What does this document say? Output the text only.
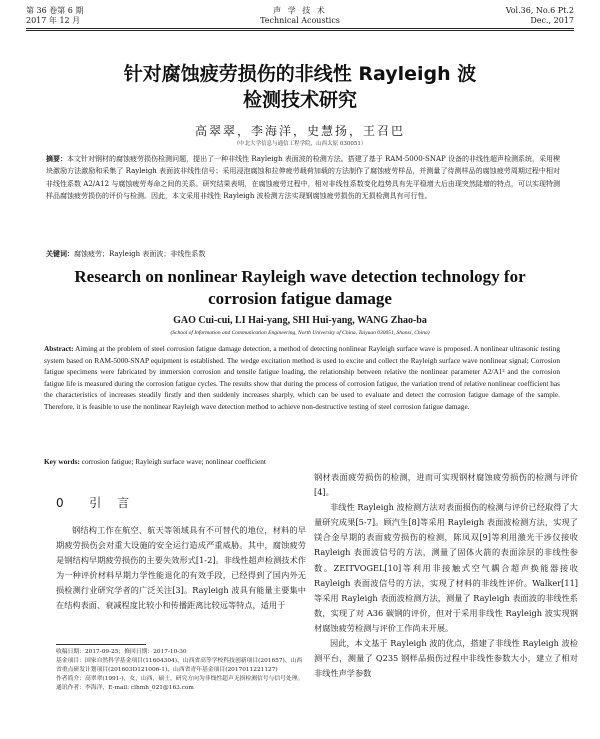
第 36 卷第 6 期	声 学 技 术	Vol.36, No.6 Pt.2
2017 年 12 月	Technical Acoustics	Dec., 2017
针对腐蚀疲劳损伤的非线性 Rayleigh 波
检测技术研究
高翠翠，李海洋，史慧扬，王召巴
（中北大学信息与通信工程学院，山西太原 030051）
摘要：本文针对钢材的腐蚀疲劳损伤检测问题，提出了一种非线性 Rayleigh 表面波的检测方法。搭建了基于 RAM-5000-SNAP 设备的非线性超声检测系统，采用楔块激励方法激励和采集了 Rayleigh 表面波非线性信号；采用浸泡腐蚀和拉伸疲劳载荷加载的方法制作了腐蚀疲劳样品，并测量了待测样品的腐蚀疲劳周期过程中相对非线性系数 A2/A12 与腐蚀疲劳寿命之间的关系。研究结果表明，在腐蚀疲劳过程中，相对非线性系数变化趋势具有先平稳增大后由现突然陡增的特点，可以实现特测样品腐蚀疲劳损伤的评价与检测。因此，本文采用非线性 Rayleigh 波检测方法实现钢腐蚀疲劳损伤的无损检测具有可行性。
关键词：腐蚀疲劳；Rayleigh 表面波；非线性系数
Research on nonlinear Rayleigh wave detection technology for
corrosion fatigue damage
GAO Cui-cui, LI Hai-yang, SHI Hui-yang, WANG Zhao-ba
(School of Information and Communication Engineering, North University of China, Taiyuan 030051, Shanxi, China)
Abstract: Aiming at the problem of steel corrosion fatigue damage detection, a method of detecting nonlinear Rayleigh surface wave is proposed. A nonlinear ultrasonic testing system based on RAM-5000-SNAP equipment is established. The wedge excitation method is used to excite and collect the Rayleigh surface wave nonlinear signal; Corrosion fatigue specimens were fabricated by immersion corrosion and tensile fatigue loading, the relationship between relative the nonlinear parameter A2/A1² and the corrosion fatigue life is measured during the corrosion fatigue cycles. The results show that during the process of corrosion fatigue, the variation trend of relative nonlinear coefficient has the characteristics of increases steadily firstly and then suddenly increases sharply, which can be used to evaluate and detect the corrosion fatigue damage of the sample. Therefore, it is feasible to use the nonlinear Rayleigh wave detection method to achieve non-destructive testing of steel corrosion fatigue damage.
Key words: corrosion fatigue; Rayleigh surface wave; nonlinear coefficient
0 引 言

钢结构工作在航空、航天等领域具有不可替代的地位，材料的早期疲劳损伤会对重大设施的安全运行造成严重威胁。其中，腐蚀疲劳是钢结构早期疲劳损伤的主要失效形式[1-2]。非线性超声检测技术作为一种评价材料早期力学性能退化的有效手段，已经得到了国内外无损检测行业研究学者的广泛关注[3]。Rayleigh 波具有能量主要集中在结构表面、衰减程度比较小和传播距离比较远等特点，适用于

收稿日期：2017-09-25；修回日期：2017-10-30
基金项目：国家自然科学基金项目(11604304)、山西省高等学校科技创新项目(201657)、山西省重点研发计划项目(201603D121006-1)、山西省青年基金项目(2017011221127)
作者简介：高翠翠(1991-)，女，山西，硕士，研究方向为非线性超声无损检测信号与信号处理。
通讯作者：李海洋，E-mail: clhmh_021@163.com

钢材表面疲劳损伤的检测，进而可实现钢材腐蚀疲劳损伤的检测与评价[4]。

非线性 Rayleigh 波检测方法对表面损伤的检测与评价已经取得了大量研究成果[5-7]。顾汽生[8]等采用 Rayleigh 表面波检测方法，实现了镁合金早期的表面疲劳损伤的检测，陈凤双[9]等利用激光干涉仪接收 Rayleigh 表面波信号的方法，测量了固体火箭的表面涂层的非线性参数。ZEITVOGEL[10]等利用非接触式空气耦合超声换能器接收 Rayleigh 表面波信号的方法，实现了材料的非线性评价。Walker[11]等采用 Rayleigh 表面波检测方法，测量了 Rayleigh 表面波的非线性系数，实现了对 A36 碳钢的评价，但对于采用非线性 Rayleigh 波实现钢材腐蚀疲劳检测与评价工作尚未开展。

因此，本文基于 Rayleigh 波的优点，搭建了非线性 Rayleigh 波检测平台，测量了 Q235 钢样品损伤过程中非线性参数大小，建立了相对非线性声学参数
